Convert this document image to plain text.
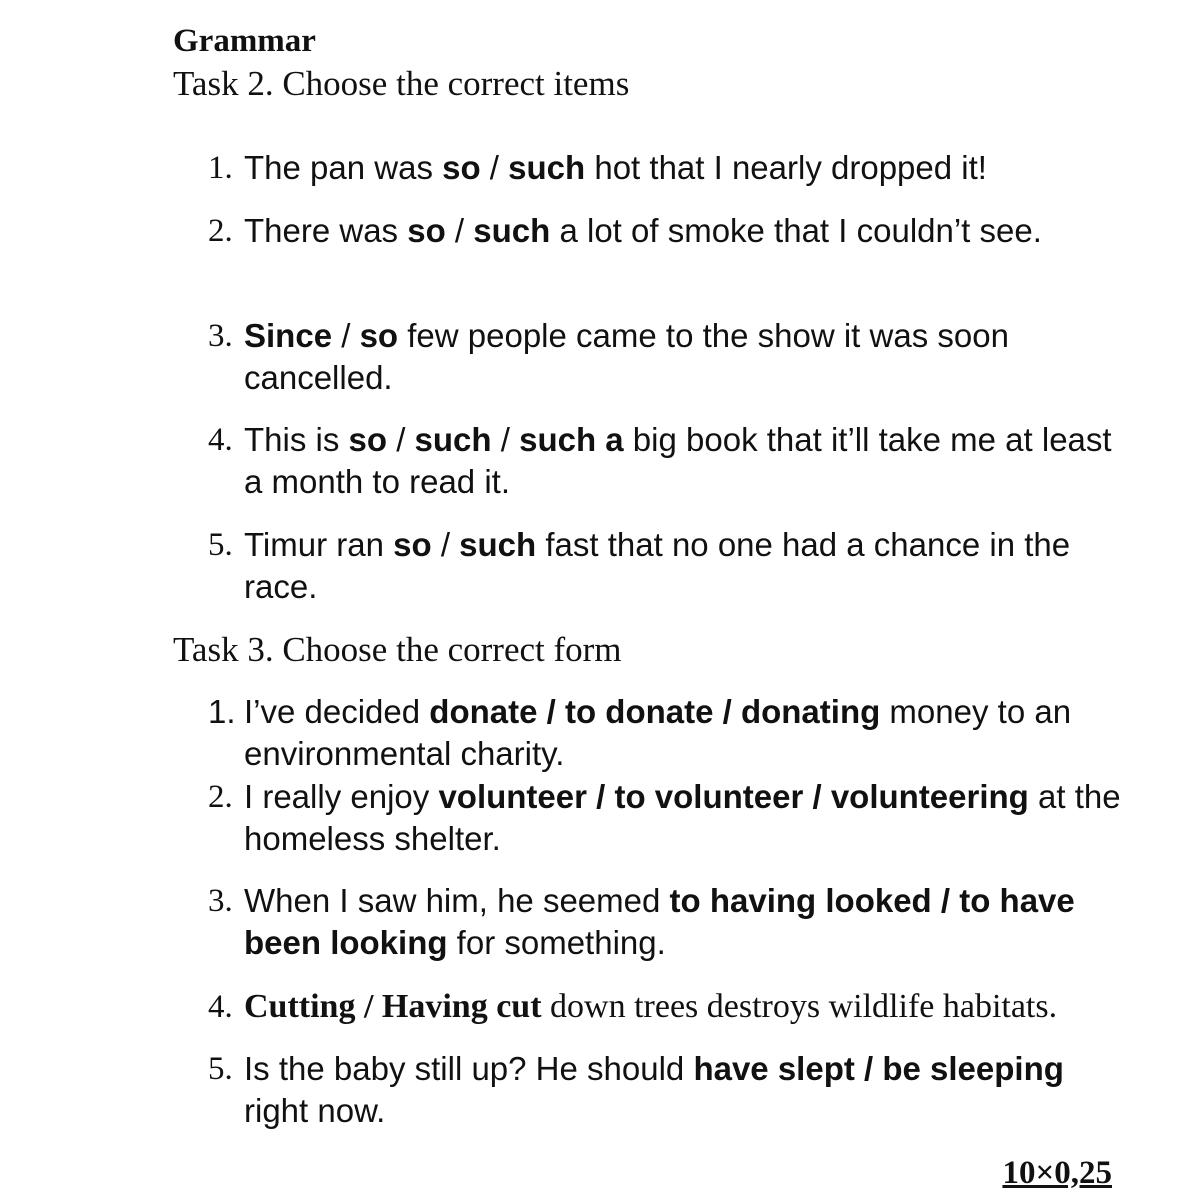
Grammar
Task 2. Choose the correct items
1. The pan was so / such hot that I nearly dropped it!
2. There was so / such a lot of smoke that I couldn’t see.
3. Since / so few people came to the show it was soon cancelled.
4. This is so / such / such a big book that it’ll take me at least a month to read it.
5. Timur ran so / such fast that no one had a chance in the race.
Task 3. Choose the correct form
1. I’ve decided donate / to donate / donating money to an environmental charity.
2. I really enjoy volunteer / to volunteer / volunteering at the homeless shelter.
3. When I saw him, he seemed to having looked / to have been looking for something.
4. Cutting / Having cut down trees destroys wildlife habitats.
5. Is the baby still up? He should have slept / be sleeping right now.
10×0,25
